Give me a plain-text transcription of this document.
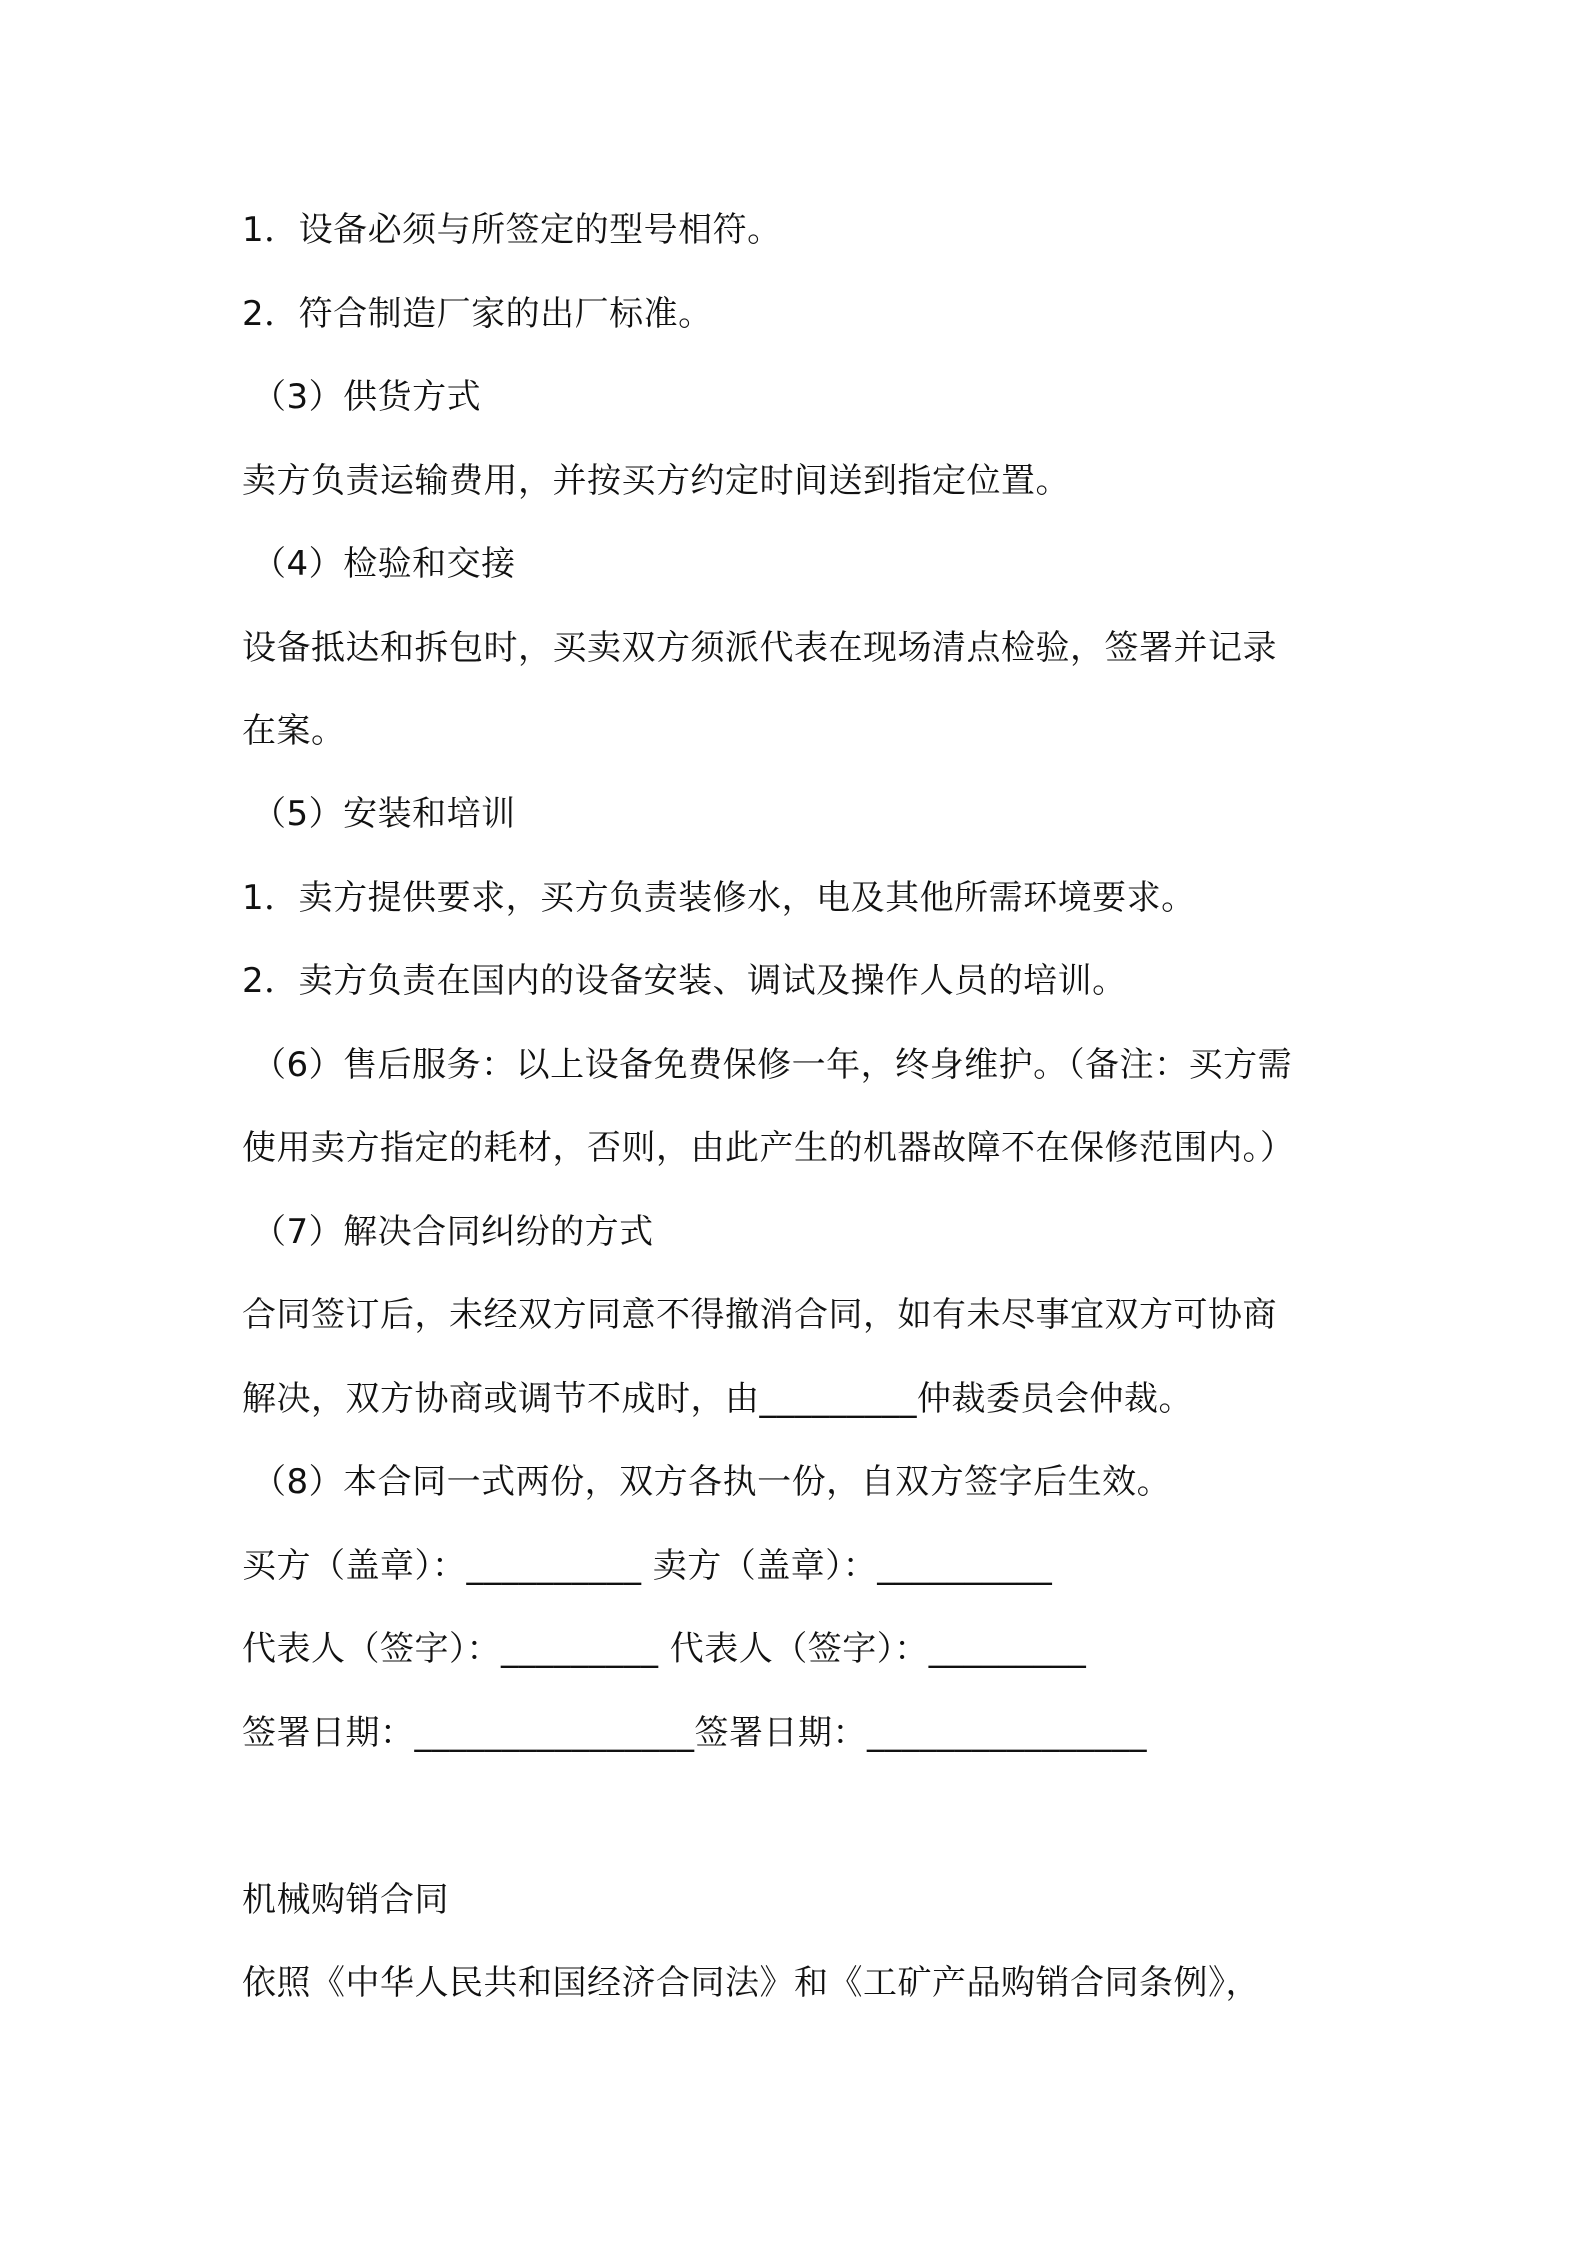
1．设备必须与所签定的型号相符。
2．符合制造厂家的出厂标准。
（3）供货方式
卖方负责运输费用，并按买方约定时间送到指定位置。
（4）检验和交接
设备抵达和拆包时，买卖双方须派代表在现场清点检验，签署并记录
在案。
（5）安装和培训
1．卖方提供要求，买方负责装修水，电及其他所需环境要求。
2．卖方负责在国内的设备安装、调试及操作人员的培训。
（6）售后服务：以上设备免费保修一年，终身维护。（备注：买方需
使用卖方指定的耗材，否则，由此产生的机器故障不在保修范围内。）
（7）解决合同纠纷的方式
合同签订后，未经双方同意不得撤消合同，如有未尽事宜双方可协商
解决，双方协商或调节不成时，由_________仲裁委员会仲裁。
（8）本合同一式两份，双方各执一份，自双方签字后生效。
买方（盖章）：__________ 卖方（盖章）：__________
代表人（签字）：_________ 代表人（签字）：_________
签署日期：________________签署日期：________________
机械购销合同
依照《中华人民共和国经济合同法》和《工矿产品购销合同条例》，
